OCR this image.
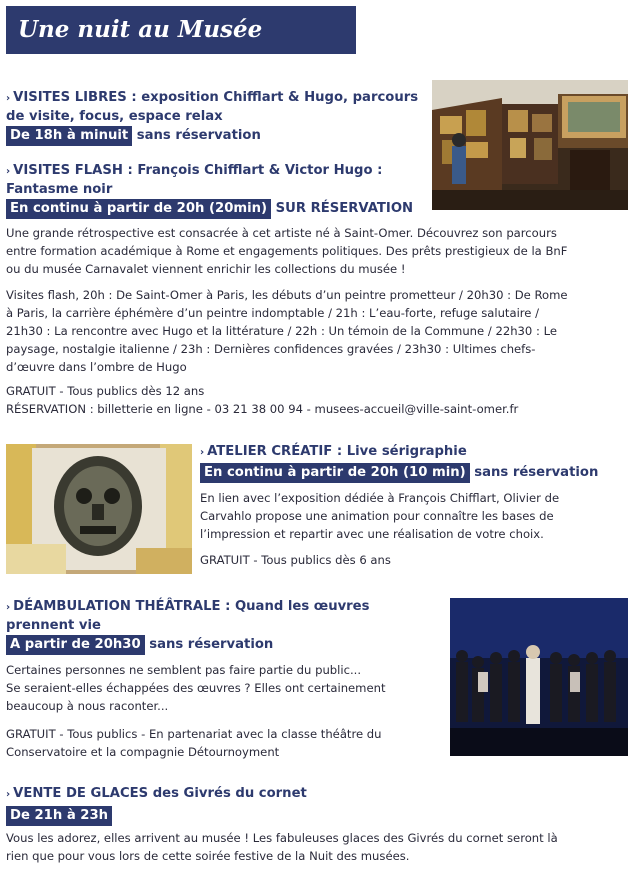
Une nuit au Musée Sandelin
› VISITES LIBRES : exposition Chifflart & Hugo, parcours
de visite, focus, espace relax
De 18h à minuit sans réservation
› VISITES FLASH : François Chifflart & Victor Hugo :
Fantasme noir
En continu à partir de 20h (20min) SUR RÉSERVATION
Une grande rétrospective est consacrée à cet artiste né à Saint-Omer. Découvrez son parcours
entre formation académique à Rome et engagements politiques. Des prêts prestigieux de la BnF
ou du musée Carnavalet viennent enrichir les collections du musée !
Visites flash, 20h : De Saint-Omer à Paris, les débuts d’un peintre prometteur / 20h30 : De Rome
à Paris, la carrière éphémère d’un peintre indomptable / 21h : L’eau-forte, refuge salutaire /
21h30 : La rencontre avec Hugo et la littérature / 22h : Un témoin de la Commune / 22h30 : Le
paysage, nostalgie italienne / 23h : Dernières confidences gravées / 23h30 : Ultimes chefs-
d’œuvre dans l’ombre de Hugo
GRATUIT - Tous publics dès 12 ans
RÉSERVATION : billetterie en ligne - 03 21 38 00 94 - musees-accueil@ville-saint-omer.fr
› ATELIER CRÉATIF : Live sérigraphie
En continu à partir de 20h (10 min) sans réservation
En lien avec l’exposition dédiée à François Chifflart, Olivier de
Carvahlo propose une animation pour connaître les bases de
l’impression et repartir avec une réalisation de votre choix.
GRATUIT - Tous publics dès 6 ans
› DÉAMBULATION THÉÂTRALE : Quand les œuvres
prennent vie
A partir de 20h30 sans réservation
Certaines personnes ne semblent pas faire partie du public...
Se seraient-elles échappées des œuvres ? Elles ont certainement
beaucoup à nous raconter...
GRATUIT - Tous publics - En partenariat avec la classe théâtre du
Conservatoire et la compagnie Détournoyment
› VENTE DE GLACES des Givrés du cornet
De 21h à 23h
Vous les adorez, elles arrivent au musée ! Les fabuleuses glaces des Givrés du cornet seront là
rien que pour vous lors de cette soirée festive de la Nuit des musées.
